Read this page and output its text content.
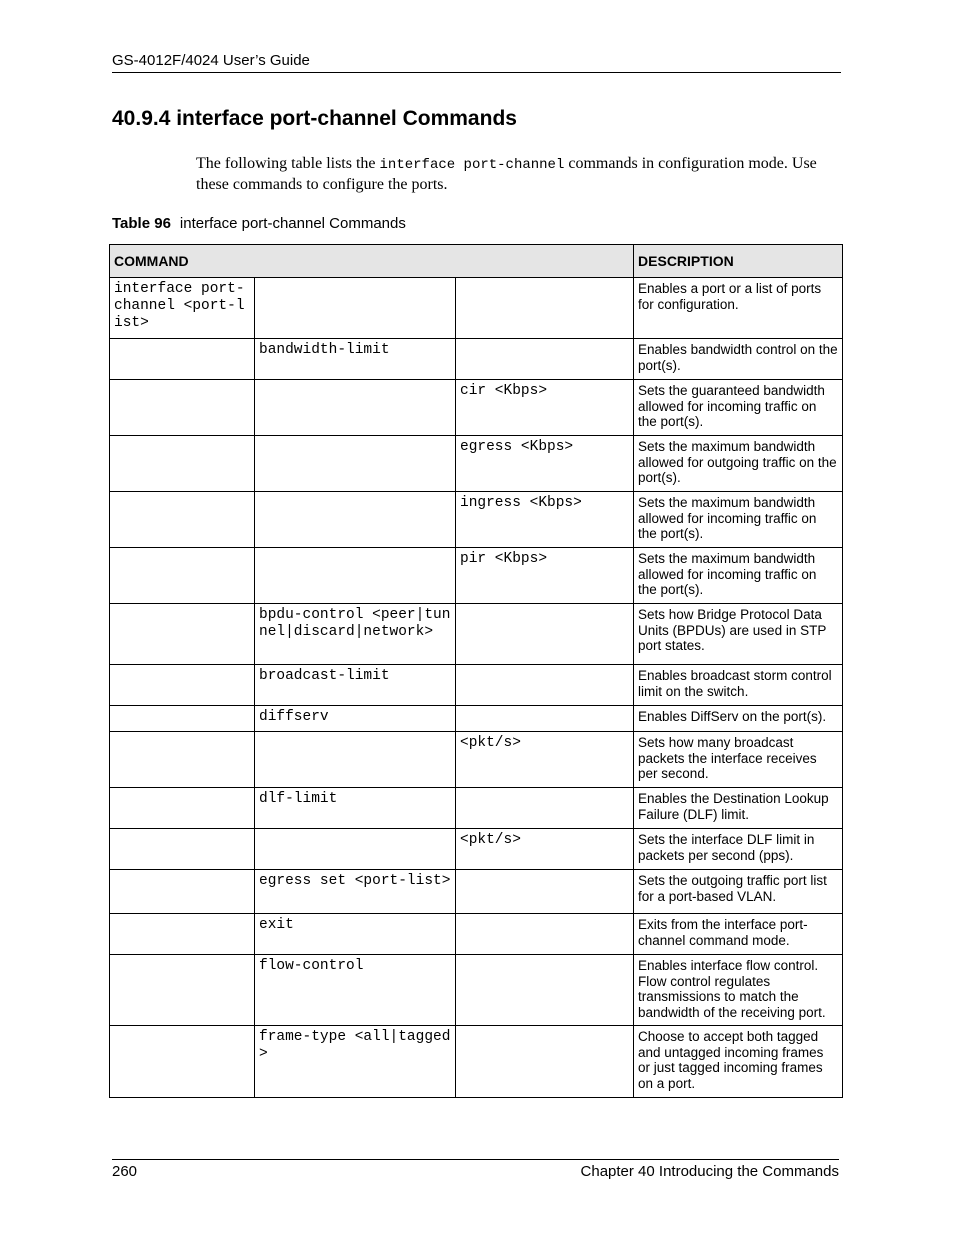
GS-4012F/4024 User’s Guide
40.9.4 interface port-channel Commands

The following table lists the interface port-channel commands in configuration mode. Use these commands to configure the ports.

Table 96 interface port-channel Commands
COMMAND			DESCRIPTION
interface port-channel <port-list>			Enables a port or a list of ports for configuration.
	bandwidth-limit		Enables bandwidth control on the port(s).
		cir <Kbps>	Sets the guaranteed bandwidth allowed for incoming traffic on the port(s).
		egress <Kbps>	Sets the maximum bandwidth allowed for outgoing traffic on the port(s).
		ingress <Kbps>	Sets the maximum bandwidth allowed for incoming traffic on the port(s).
		pir <Kbps>	Sets the maximum bandwidth allowed for incoming traffic on the port(s).
	bpdu-control <peer|tunnel|discard|network>		Sets how Bridge Protocol Data Units (BPDUs) are used in STP port states.
	broadcast-limit		Enables broadcast storm control limit on the switch.
	diffserv		Enables DiffServ on the port(s).
		<pkt/s>	Sets how many broadcast packets the interface receives per second.
	dlf-limit		Enables the Destination Lookup Failure (DLF) limit.
		<pkt/s>	Sets the interface DLF limit in packets per second (pps).
	egress set <port-list>		Sets the outgoing traffic port list for a port-based VLAN.
	exit		Exits from the interface port-channel command mode.
	flow-control		Enables interface flow control. Flow control regulates transmissions to match the bandwidth of the receiving port.
	frame-type <all|tagged>		Choose to accept both tagged and untagged incoming frames or just tagged incoming frames on a port.
260	Chapter 40 Introducing the Commands
